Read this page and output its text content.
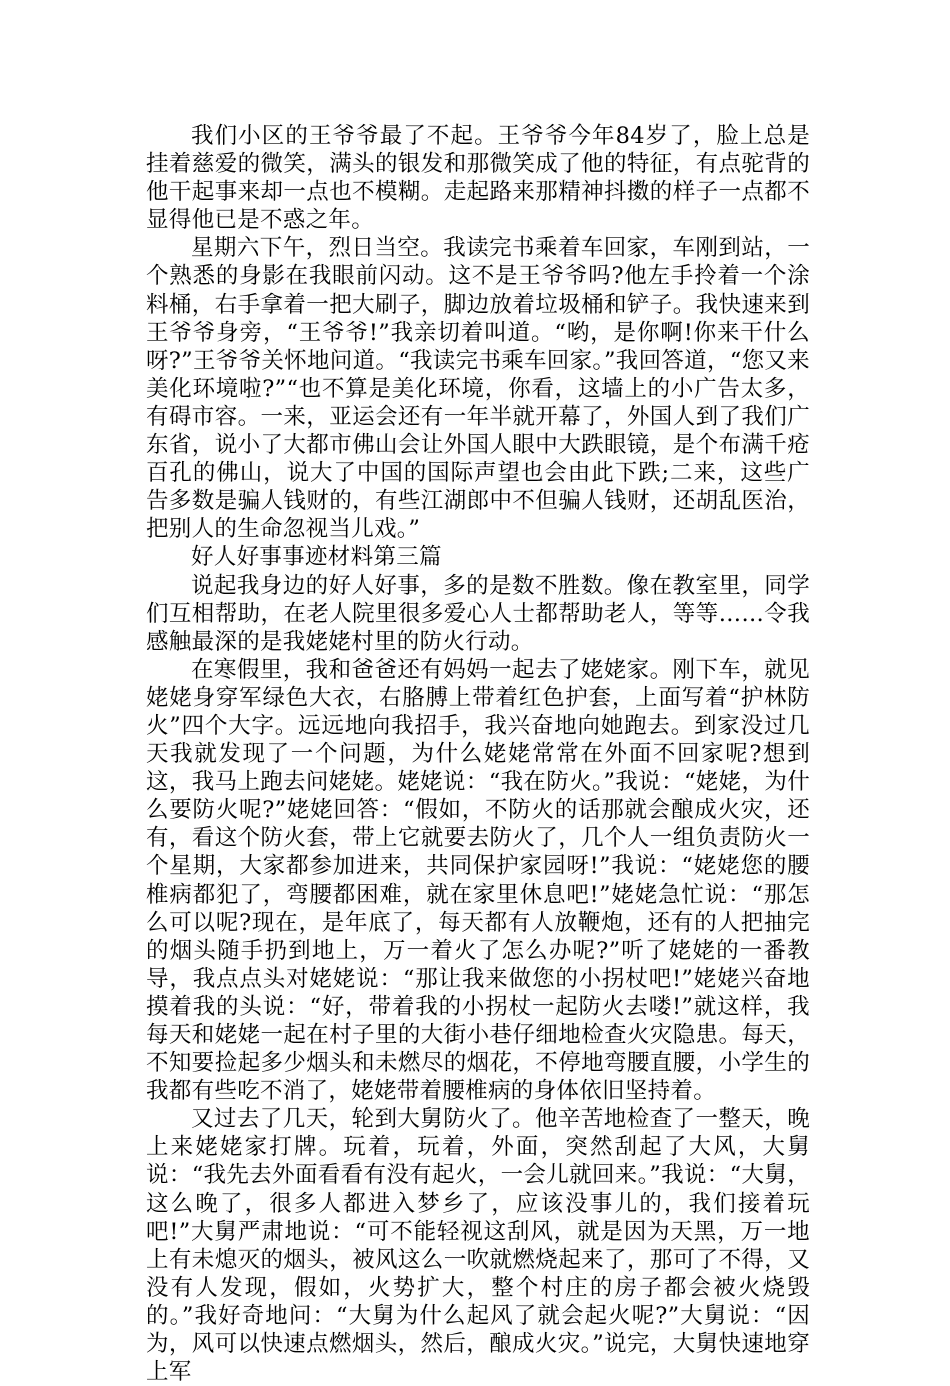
我们小区的王爷爷最了不起。王爷爷今年84岁了，脸上总是挂着慈爱的微笑，满头的银发和那微笑成了他的特征，有点驼背的他干起事来却一点也不模糊。走起路来那精神抖擞的样子一点都不显得他已是不惑之年。

星期六下午，烈日当空。我读完书乘着车回家，车刚到站，一个熟悉的身影在我眼前闪动。这不是王爷爷吗?他左手拎着一个涂料桶，右手拿着一把大刷子，脚边放着垃圾桶和铲子。我快速来到王爷爷身旁，“王爷爷!”我亲切着叫道。“哟，是你啊!你来干什么呀?”王爷爷关怀地问道。“我读完书乘车回家。”我回答道，“您又来美化环境啦?”“也不算是美化环境，你看，这墙上的小广告太多，有碍市容。一来，亚运会还有一年半就开幕了，外国人到了我们广东省，说小了大都市佛山会让外国人眼中大跌眼镜，是个布满千疮百孔的佛山，说大了中国的国际声望也会由此下跌;二来，这些广告多数是骗人钱财的，有些江湖郎中不但骗人钱财，还胡乱医治，把别人的生命忽视当儿戏。”

好人好事事迹材料第三篇

说起我身边的好人好事，多的是数不胜数。像在教室里，同学们互相帮助，在老人院里很多爱心人士都帮助老人，等等……令我感触最深的是我姥姥村里的防火行动。

在寒假里，我和爸爸还有妈妈一起去了姥姥家。刚下车，就见姥姥身穿军绿色大衣，右胳膊上带着红色护套，上面写着“护林防火”四个大字。远远地向我招手，我兴奋地向她跑去。到家没过几天我就发现了一个问题，为什么姥姥常常在外面不回家呢?想到这，我马上跑去问姥姥。姥姥说：“我在防火。”我说：“姥姥，为什么要防火呢?”姥姥回答：“假如，不防火的话那就会酿成火灾，还有，看这个防火套，带上它就要去防火了，几个人一组负责防火一个星期，大家都参加进来，共同保护家园呀!”我说：“姥姥您的腰椎病都犯了，弯腰都困难，就在家里休息吧!”姥姥急忙说：“那怎么可以呢?现在，是年底了，每天都有人放鞭炮，还有的人把抽完的烟头随手扔到地上，万一着火了怎么办呢?”听了姥姥的一番教导，我点点头对姥姥说：“那让我来做您的小拐杖吧!”姥姥兴奋地摸着我的头说：“好，带着我的小拐杖一起防火去喽!”就这样，我每天和姥姥一起在村子里的大街小巷仔细地检查火灾隐患。每天，不知要捡起多少烟头和未燃尽的烟花，不停地弯腰直腰，小学生的我都有些吃不消了，姥姥带着腰椎病的身体依旧坚持着。

又过去了几天，轮到大舅防火了。他辛苦地检查了一整天，晚上来姥姥家打牌。玩着，玩着，外面，突然刮起了大风，大舅说：“我先去外面看看有没有起火，一会儿就回来。”我说：“大舅，这么晚了，很多人都进入梦乡了，应该没事儿的，我们接着玩吧!”大舅严肃地说：“可不能轻视这刮风，就是因为天黑，万一地上有未熄灭的烟头，被风这么一吹就燃烧起来了，那可了不得，又没有人发现，假如，火势扩大，整个村庄的房子都会被火烧毁的。”我好奇地问：“大舅为什么起风了就会起火呢?”大舅说：“因为，风可以快速点燃烟头，然后，酿成火灾。”说完，大舅快速地穿上军
